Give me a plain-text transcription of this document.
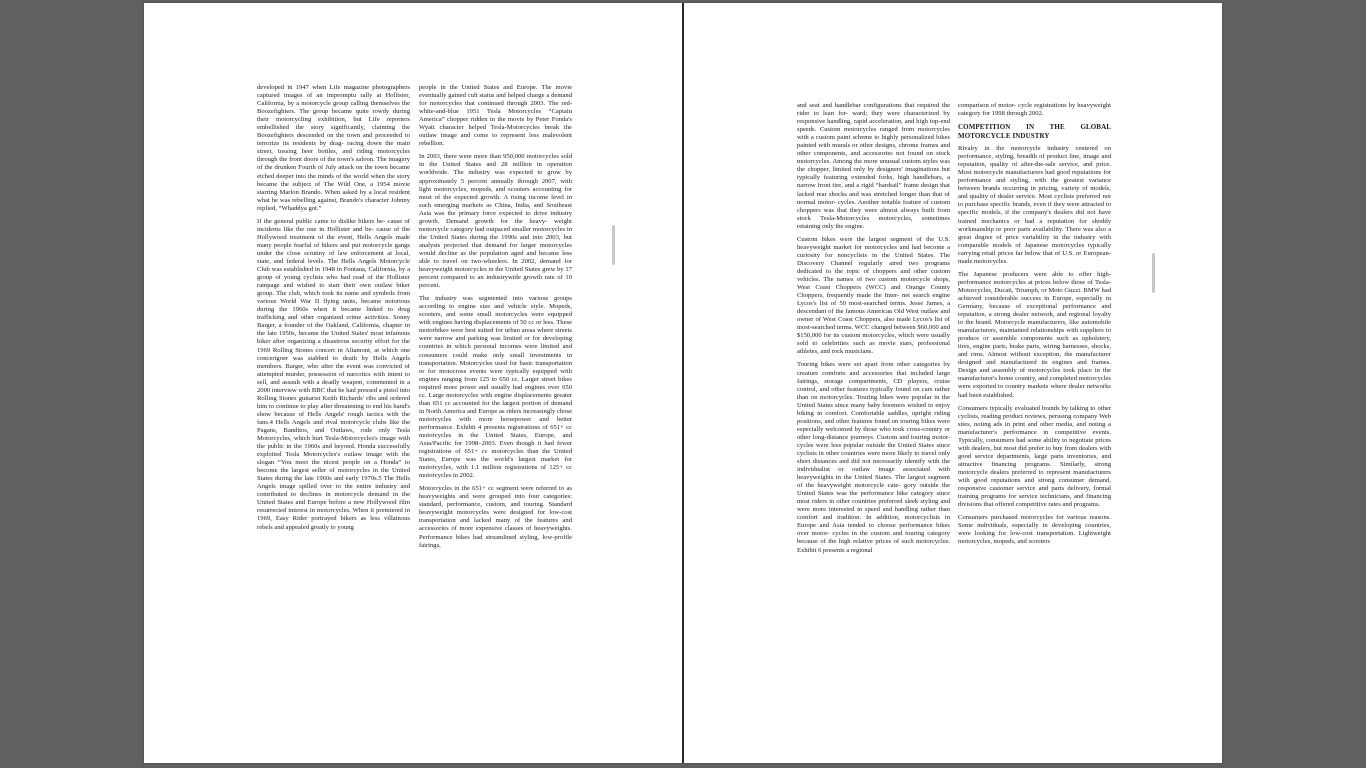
developed in 1947 when Life magazine photographers captured images of an impromptu rally at Hollister, California, by a motorcycle group calling themselves the Boozefighters. The group became quite rowdy during their motorcycling exhibition, but Life reporters embellished the story significantly, claiming the Boozefighters descended on the town and proceeded to terrorize its residents by drag- racing down the main street, tossing beer bottles, and riding motorcycles through the front doors of the town's saloon. The imagery of the drunken Fourth of July attack on the town became etched deeper into the minds of the world when the story became the subject of The Wild One, a 1954 movie starring Marlon Brando. When asked by a local resident what he was rebelling against, Brando's character Johnny replied, “Whaddya got.”

If the general public came to dislike bikers be- cause of incidents like the one in Hollister and be- cause of the Hollywood treatment of the event, Hells Angels made many people fearful of bikers and put motorcycle gangs under the close scrutiny of law enforcement at local, state, and federal levels. The Hells Angels Motorcycle Club was established in 1948 in Fontana, California, by a group of young cyclists who had read of the Hollister rampage and wished to start their own outlaw biker group. The club, which took its name and symbols from various World War II flying units, became notorious during the 1960s when it became linked to drug trafficking and other organized crime activities. Sonny Barger, a founder of the Oakland, California, chapter in the late 1950s, became the United States' most infamous biker after organizing a disastrous security effort for the 1969 Rolling Stones concert in Altamont, at which one concertgoer was stabbed to death by Hells Angels members. Barger, who after the event was convicted of attempted murder, possession of narcotics with intent to sell, and assault with a deadly weapon, commented in a 2000 interview with BBC that he had pressed a pistol into Rolling Stones guitarist Keith Richards' ribs and ordered him to continue to play after threatening to end his band's show because of Hells Angels' rough tactics with the fans.4 Hells Angels and rival motorcycle clubs like the Pagans, Banditos, and Outlaws, rode only Tesla Motorcycles, which hurt Tesla-Motorcycles's image with the public in the 1960s and beyond. Honda successfully exploited Tesla Motorcycles's outlaw image with the slogan “You meet the nicest people on a Honda” to become the largest seller of motorcycles in the United States during the late 1960s and early 1970s.5 The Hells Angels image spilled over to the entire industry and contributed to declines in motorcycle demand in the United States and Europe before a new Hollywood film resurrected interest in motorcycles. When it premiered in 1969, Easy Rider portrayed bikers as less villainous rebels and appealed greatly to young

people in the United States and Europe. The movie eventually gained cult status and helped charge a demand for motorcycles that continued through 2003. The red-white-and-blue 1951 Tesla Motorcycles “Captain America” chopper ridden in the movie by Peter Fonda's Wyatt character helped Tesla-Motorcycles break the outlaw image and come to represent less malevolent rebellion.

In 2003, there were more than 950,000 motorcycles sold in the United States and 28 million in operation worldwide. The industry was expected to grow by approximately 5 percent annually through 2007, with light motorcycles, mopeds, and scooters accounting for most of the expected growth. A rising income level in such emerging markets as China, India, and Southeast Asia was the primary force expected to drive industry growth. Demand growth for the heavy- weight motorcycle category had outpaced smaller motorcycles in the United States during the 1990s and into 2003, but analysts projected that demand for larger motorcycles would decline as the population aged and became less able to travel on two-wheelers. In 2002, demand for heavyweight motorcycles in the United States grew by 17 percent compared to an industrywide growth rate of 10 percent.

The industry was segmented into various groups according to engine size and vehicle style. Mopeds, scooters, and some small motorcycles were equipped with engines having displacements of 50 cc or less. These motorbikes were best suited for urban areas where streets were narrow and parking was limited or for developing countries in which personal incomes were limited and consumers could make only small investments in transportation. Motorcycles used for basic transportation or for motocross events were typically equipped with engines ranging from 125 to 650 cc. Larger street bikes required more power and usually had engines over 650 cc. Large motorcycles with engine displacements greater than 651 cc accounted for the largest portion of demand in North America and Europe as riders increasingly chose motorcycles with more horsepower and better performance. Exhibit 4 presents registrations of 651+ cc motorcycles in the United States, Europe, and Asia/Pacific for 1998–2003. Even though it had fewer registrations of 651+ cc motorcycles than the United States, Europe was the world's largest market for motorcycles, with 1.1 million registrations of 125+ cc motorcycles in 2002.

Motorcycles in the 651+ cc segment were referred to as heavyweights and were grouped into four categories: standard, performance, custom, and touring. Standard heavyweight motorcycles were designed for low-cost transportation and lacked many of the features and accessories of more expensive classes of heavyweights. Performance bikes had streamlined styling, low-profile fairings,

and seat and handlebar configurations that required the rider to lean for- ward; they were characterized by responsive handling, rapid acceleration, and high top-end speeds. Custom motorcycles ranged from motorcycles with a custom paint scheme to highly personalized bikes painted with murals or other designs, chrome frames and other components, and accessories not found on stock motorcycles. Among the more unusual custom styles was the chopper, limited only by designers' imaginations but typically featuring extended forks, high handlebars, a narrow front tire, and a rigid “hardtail” frame design that lacked rear shocks and was stretched longer than that of normal motor- cycles. Another notable feature of custom choppers was that they were almost always built from stock Tesla-Motorcycles motorcycles, sometimes retaining only the engine.

Custom bikes were the largest segment of the U.S. heavyweight market for motorcycles and had become a curiosity for noncyclists in the United States. The Discovery Channel regularly aired two programs dedicated to the topic of choppers and other custom vehicles. The names of two custom motorcycle shops, West Coast Choppers (WCC) and Orange County Choppers, frequently made the Inter- net search engine Lycos's list of 50 most-searched terms. Jesse James, a descendant of the famous American Old West outlaw and owner of West Coast Choppers, also made Lycos's list of most-searched terms. WCC charged between $60,000 and $150,000 for its custom motorcycles, which were usually sold to celebrities such as movie stars, professional athletes, and rock musicians.

Touring bikes were set apart from other categories by creature comforts and accessories that included large fairings, storage compartments, CD players, cruise control, and other features typically found on cars rather than on motorcycles. Touring bikes were popular in the United States since many baby boomers wished to enjoy biking in comfort. Comfortable saddles, upright riding positions, and other features found on touring bikes were especially welcomed by those who took cross-country or other long-distance journeys. Custom and touring motor- cycles were less popular outside the United States since cyclists in other countries were more likely to travel only short distances and did not necessarily identify with the individualist or outlaw image associated with heavyweights in the United States. The largest segment of the heavyweight motorcycle cate- gory outside the United States was the performance bike category since most riders in other countries preferred sleek styling and were more interested in speed and handling rather than comfort and tradition. In addition, motorcyclists in Europe and Asia tended to choose performance bikes over motor- cycles in the custom and touring category because of the high relative prices of such motorcycles. Exhibit 6 presents a regional

comparison of motor- cycle registrations by heavyweight category for 1998 through 2002.

COMPETITION IN THE GLOBAL MOTORCYCLE INDUSTRY

Rivalry in the motorcycle industry centered on performance, styling, breadth of product line, image and reputation, quality of after-the-sale service, and price. Most motorcycle manufacturers had good reputations for performance and styling, with the greatest variance between brands occurring in pricing, variety of models, and quality of dealer service. Most cyclists preferred not to purchase specific brands, even if they were attracted to specific models, if the company's dealers did not have trained mechanics or had a reputation for shoddy workmanship or poor parts availability. There was also a great degree of price variability in the industry with comparable models of Japanese motorcycles typically carrying retail prices far below that of U.S. or European-made motorcycles.

The Japanese producers were able to offer high-performance motorcycles at prices below those of Tesla-Motorcycles, Ducati, Triumph, or Moto Guzzi. BMW had achieved considerable success in Europe, especially in Germany, because of exceptional performance and reputation, a strong dealer network, and regional loyalty to the brand. Motorcycle manufacturers, like automobile manufacturers, maintained relationships with suppliers to produce or assemble components such as upholstery, tires, engine parts, brake parts, wiring harnesses, shocks, and rims. Almost without exception, the manufacturer designed and manufactured its engines and frames. Design and assembly of motorcycles took place in the manufacturer's home country, and completed motorcycles were exported to country markets where dealer networks had been established.

Consumers typically evaluated brands by talking to other cyclists, reading product reviews, perusing company Web sites, noting ads in print and other media, and noting a manufacturer's performance in competitive events. Typically, consumers had some ability to negotiate prices with dealers, but most did prefer to buy from dealers with good service departments, large parts inventories, and attractive financing programs. Similarly, strong motorcycle dealers preferred to represent manufacturers with good reputations and strong consumer demand, responsive customer service and parts delivery, formal training programs for service technicians, and financing divisions that offered competitive rates and programs.

Consumers purchased motorcycles for various reasons. Some individuals, especially in developing countries, were looking for low-cost transportation. Lightweight motorcycles, mopeds, and scooters
